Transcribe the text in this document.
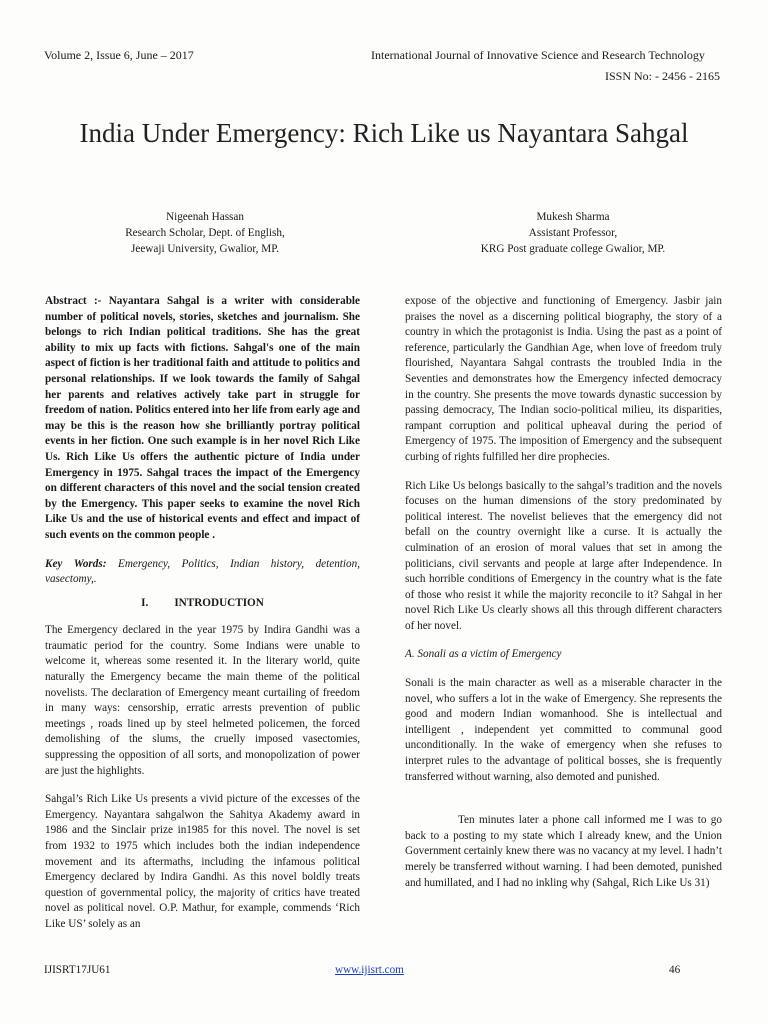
Volume 2, Issue 6, June – 2017	International Journal of Innovative Science and Research Technology
ISSN No: - 2456 - 2165
India Under Emergency: Rich Like us Nayantara Sahgal
Nigeenah Hassan
Research Scholar, Dept. of English,
Jeewaji University, Gwalior, MP.
Mukesh Sharma
Assistant Professor,
KRG Post graduate college Gwalior, MP.

Abstract :- Nayantara Sahgal is a writer with considerable number of political novels, stories, sketches and journalism. She belongs to rich Indian political traditions. She has the great ability to mix up facts with fictions. Sahgal's one of the main aspect of fiction is her traditional faith and attitude to politics and personal relationships. If we look towards the family of Sahgal her parents and relatives actively take part in struggle for freedom of nation. Politics entered into her life from early age and may be this is the reason how she brilliantly portray political events in her fiction. One such example is in her novel Rich Like Us. Rich Like Us offers the authentic picture of India under Emergency in 1975. Sahgal traces the impact of the Emergency on different characters of this novel and the social tension created by the Emergency. This paper seeks to examine the novel Rich Like Us and the use of historical events and effect and impact of such events on the common people .

Key Words: Emergency, Politics, Indian history, detention, vasectomy,.

I. INTRODUCTION

The Emergency declared in the year 1975 by Indira Gandhi was a traumatic period for the country. Some Indians were unable to welcome it, whereas some resented it. In the literary world, quite naturally the Emergency became the main theme of the political novelists. The declaration of Emergency meant curtailing of freedom in many ways: censorship, erratic arrests prevention of public meetings , roads lined up by steel helmeted policemen, the forced demolishing of the slums, the cruelly imposed vasectomies, suppressing the opposition of all sorts, and monopolization of power are just the highlights.

Sahgal’s Rich Like Us presents a vivid picture of the excesses of the Emergency. Nayantara sahgalwon the Sahitya Akademy award in 1986 and the Sinclair prize in1985 for this novel. The novel is set from 1932 to 1975 which includes both the indian independence movement and its aftermaths, including the infamous political Emergency declared by Indira Gandhi. As this novel boldly treats question of governmental policy, the majority of critics have treated novel as political novel. O.P. Mathur, for example, commends ‘Rich Like US’ solely as an

expose of the objective and functioning of Emergency. Jasbir jain praises the novel as a discerning political biography, the story of a country in which the protagonist is India. Using the past as a point of reference, particularly the Gandhian Age, when love of freedom truly flourished, Nayantara Sahgal contrasts the troubled India in the Seventies and demonstrates how the Emergency infected democracy in the country. She presents the move towards dynastic succession by passing democracy, The Indian socio-political milieu, its disparities, rampant corruption and political upheaval during the period of Emergency of 1975. The imposition of Emergency and the subsequent curbing of rights fulfilled her dire prophecies.

Rich Like Us belongs basically to the sahgal’s tradition and the novels focuses on the human dimensions of the story predominated by political interest. The novelist believes that the emergency did not befall on the country overnight like a curse. It is actually the culmination of an erosion of moral values that set in among the politicians, civil servants and people at large after Independence. In such horrible conditions of Emergency in the country what is the fate of those who resist it while the majority reconcile to it? Sahgal in her novel Rich Like Us clearly shows all this through different characters of her novel.

A. Sonali as a victim of Emergency

Sonali is the main character as well as a miserable character in the novel, who suffers a lot in the wake of Emergency. She represents the good and modern Indian womanhood. She is intellectual and intelligent , independent yet committed to communal good unconditionally. In the wake of emergency when she refuses to interpret rules to the advantage of political bosses, she is frequently transferred without warning, also demoted and punished.

Ten minutes later a phone call informed me I was to go back to a posting to my state which I already knew, and the Union Government certainly knew there was no vacancy at my level. I hadn’t merely be transferred without warning. I had been demoted, punished and humillated, and I had no inkling why (Sahgal, Rich Like Us 31)

IJISRT17JU61	www.ijisrt.com	46
